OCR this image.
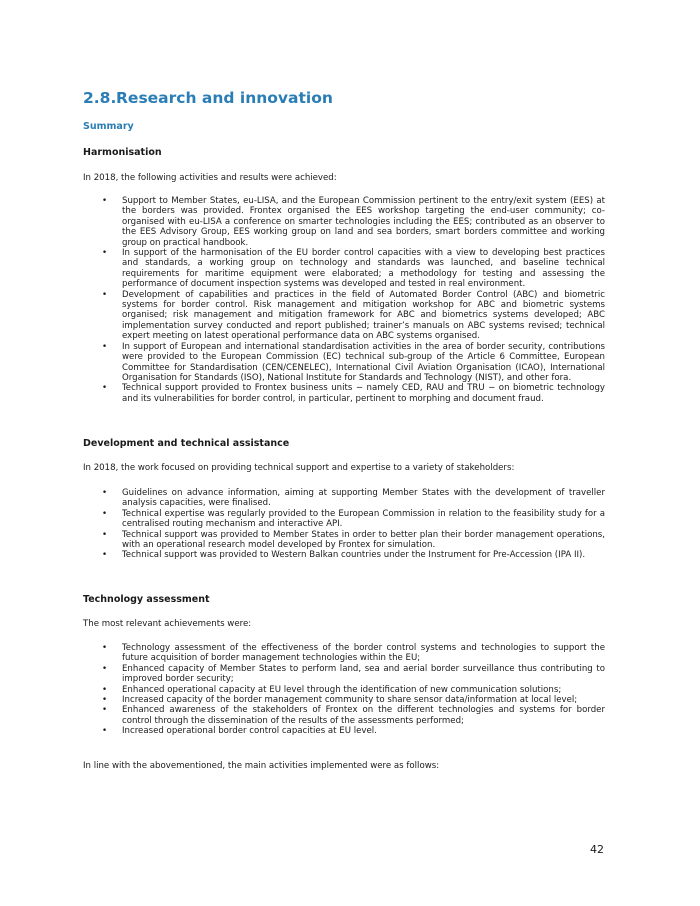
2.8.Research and innovation

Summary

Harmonisation

In 2018, the following activities and results were achieved:

•	Support to Member States, eu-LISA, and the European Commission pertinent to the entry/exit system (EES) at the borders was provided. Frontex organised the EES workshop targeting the end-user community; co-organised with eu-LISA a conference on smarter technologies including the EES; contributed as an observer to the EES Advisory Group, EES working group on land and sea borders, smart borders committee and working group on practical handbook.
•	In support of the harmonisation of the EU border control capacities with a view to developing best practices and standards, a working group on technology and standards was launched, and baseline technical requirements for maritime equipment were elaborated; a methodology for testing and assessing the performance of document inspection systems was developed and tested in real environment.
•	Development of capabilities and practices in the field of Automated Border Control (ABC) and biometric systems for border control. Risk management and mitigation workshop for ABC and biometric systems organised; risk management and mitigation framework for ABC and biometrics systems developed; ABC implementation survey conducted and report published; trainer’s manuals on ABC systems revised; technical expert meeting on latest operational performance data on ABC systems organised.
•	In support of European and international standardisation activities in the area of border security, contributions were provided to the European Commission (EC) technical sub-group of the Article 6 Committee, European Committee for Standardisation (CEN/CENELEC), International Civil Aviation Organisation (ICAO), International Organisation for Standards (ISO), National Institute for Standards and Technology (NIST), and other fora.
•	Technical support provided to Frontex business units − namely CED, RAU and TRU − on biometric technology and its vulnerabilities for border control, in particular, pertinent to morphing and document fraud.

Development and technical assistance

In 2018, the work focused on providing technical support and expertise to a variety of stakeholders:

•	Guidelines on advance information, aiming at supporting Member States with the development of traveller analysis capacities, were finalised.
•	Technical expertise was regularly provided to the European Commission in relation to the feasibility study for a centralised routing mechanism and interactive API.
•	Technical support was provided to Member States in order to better plan their border management operations, with an operational research model developed by Frontex for simulation.
•	Technical support was provided to Western Balkan countries under the Instrument for Pre-Accession (IPA II).

Technology assessment

The most relevant achievements were:

•	Technology assessment of the effectiveness of the border control systems and technologies to support the future acquisition of border management technologies within the EU;
•	Enhanced capacity of Member States to perform land, sea and aerial border surveillance thus contributing to improved border security;
•	Enhanced operational capacity at EU level through the identification of new communication solutions;
•	Increased capacity of the border management community to share sensor data/information at local level;
•	Enhanced awareness of the stakeholders of Frontex on the different technologies and systems for border control through the dissemination of the results of the assessments performed;
•	Increased operational border control capacities at EU level.

In line with the abovementioned, the main activities implemented were as follows:

42
